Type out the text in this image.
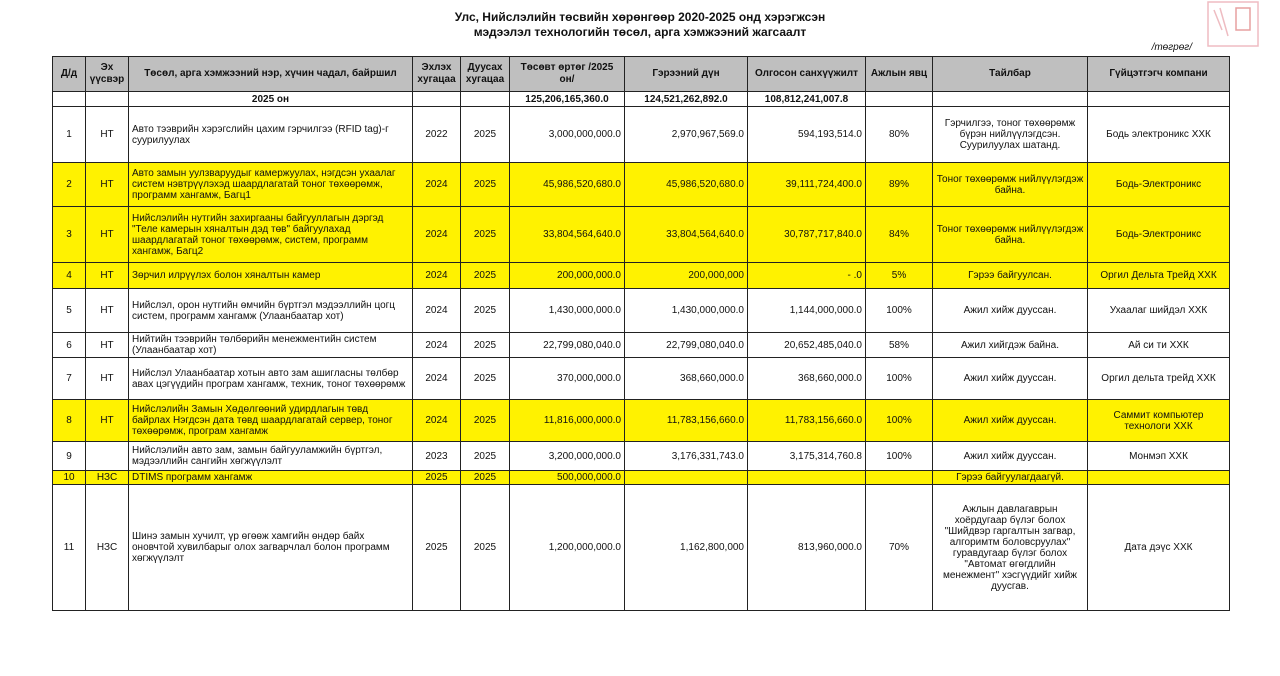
Улс, Нийслэлийн төсвийн хөрөнгөөр 2020-2025 онд хэрэгжсэн
мэдээлэл технологийн төсөл, арга хэмжээний жагсаалт
/төгрөг/
Д/д	Эх үүсвэр	Төсөл, арга хэмжээний нэр, хүчин чадал, байршил	Эхлэх хугацаа	Дуусах хугацаа	Төсөвт өртөг /2025 он/	Гэрээний дүн	Олгосон санхүүжилт	Ажлын явц	Тайлбар	Гүйцэтгэгч компани
		2025 он			125,206,165,360.0	124,521,262,892.0	108,812,241,007.8			
1	НТ	Авто тээврийн хэрэгслийн цахим гэрчилгээ (RFID tag)-г суурилуулах	2022	2025	3,000,000,000.0	2,970,967,569.0	594,193,514.0	80%	Гэрчилгээ, тоног төхөөрөмж бүрэн нийлүүлэгдсэн. Суурилуулах шатанд.	Бодь электроникс ХХК
2	НТ	Авто замын уулзваруудыг камержуулах, нэгдсэн ухаалаг систем нэвтрүүлэхэд шаардлагатай тоног төхөөрөмж, программ хангамж, Багц1	2024	2025	45,986,520,680.0	45,986,520,680.0	39,111,724,400.0	89%	Тоног төхөөрөмж нийлүүлэгдэж байна.	Бодь-Электроникс
3	НТ	Нийслэлийн нутгийн захиргааны байгууллагын дэргэд "Теле камерын хяналтын дэд төв" байгуулахад шаардлагатай тоног төхөөрөмж, систем, программ хангамж, Багц2	2024	2025	33,804,564,640.0	33,804,564,640.0	30,787,717,840.0	84%	Тоног төхөөрөмж нийлүүлэгдэж байна.	Бодь-Электроникс
4	НТ	Зөрчил илрүүлэх болон хяналтын камер	2024	2025	200,000,000.0	200,000,000	- .0	5%	Гэрээ байгуулсан.	Оргил Дельта Трейд ХХК
5	НТ	Нийслэл, орон нутгийн өмчийн бүртгэл мэдээллийн цогц систем, программ хангамж (Улаанбаатар хот)	2024	2025	1,430,000,000.0	1,430,000,000.0	1,144,000,000.0	100%	Ажил хийж дууссан.	Ухаалаг шийдэл ХХК
6	НТ	Нийтийн тээврийн төлбөрийн менежментийн систем (Улаанбаатар хот)	2024	2025	22,799,080,040.0	22,799,080,040.0	20,652,485,040.0	58%	Ажил хийгдэж байна.	Ай си ти ХХК
7	НТ	Нийслэл Улаанбаатар хотын авто зам ашигласны төлбөр авах цэгүүдийн програм хангамж, техник, тоног төхөөрөмж	2024	2025	370,000,000.0	368,660,000.0	368,660,000.0	100%	Ажил хийж дууссан.	Оргил дельта трейд ХХК
8	НТ	Нийслэлийн Замын Хөдөлгөөний удирдлагын төвд байрлах Нэгдсэн дата төвд шаардлагатай сервер, тоног төхөөрөмж, програм хангамж	2024	2025	11,816,000,000.0	11,783,156,660.0	11,783,156,660.0	100%	Ажил хийж дууссан.	Саммит компьютер технологи ХХК
9		Нийслэлийн авто зам, замын байгууламжийн бүртгэл, мэдээллийн сангийн хөгжүүлэлт	2023	2025	3,200,000,000.0	3,176,331,743.0	3,175,314,760.8	100%	Ажил хийж дууссан.	Монмэп ХХК
10	НЗС	DTIMS программ хангамж	2025	2025	500,000,000.0				Гэрээ байгуулагдаагүй.	
11	НЗС	Шинэ замын хучилт, үр өгөөж хамгийн өндөр байх оновчтой хувилбарыг олох загварчлал болон программ хөгжүүлэлт	2025	2025	1,200,000,000.0	1,162,800,000	813,960,000.0	70%	Ажлын давлагаврын хоёрдугаар бүлэг болох "Шийдвэр гаргалтын загвар, алгоримтм боловсруулах" гуравдугаар бүлэг болох "Автомат өгөгдлийн менежмент" хэсгүүдийг хийж дуусгав.	Дата дэүс ХХК
